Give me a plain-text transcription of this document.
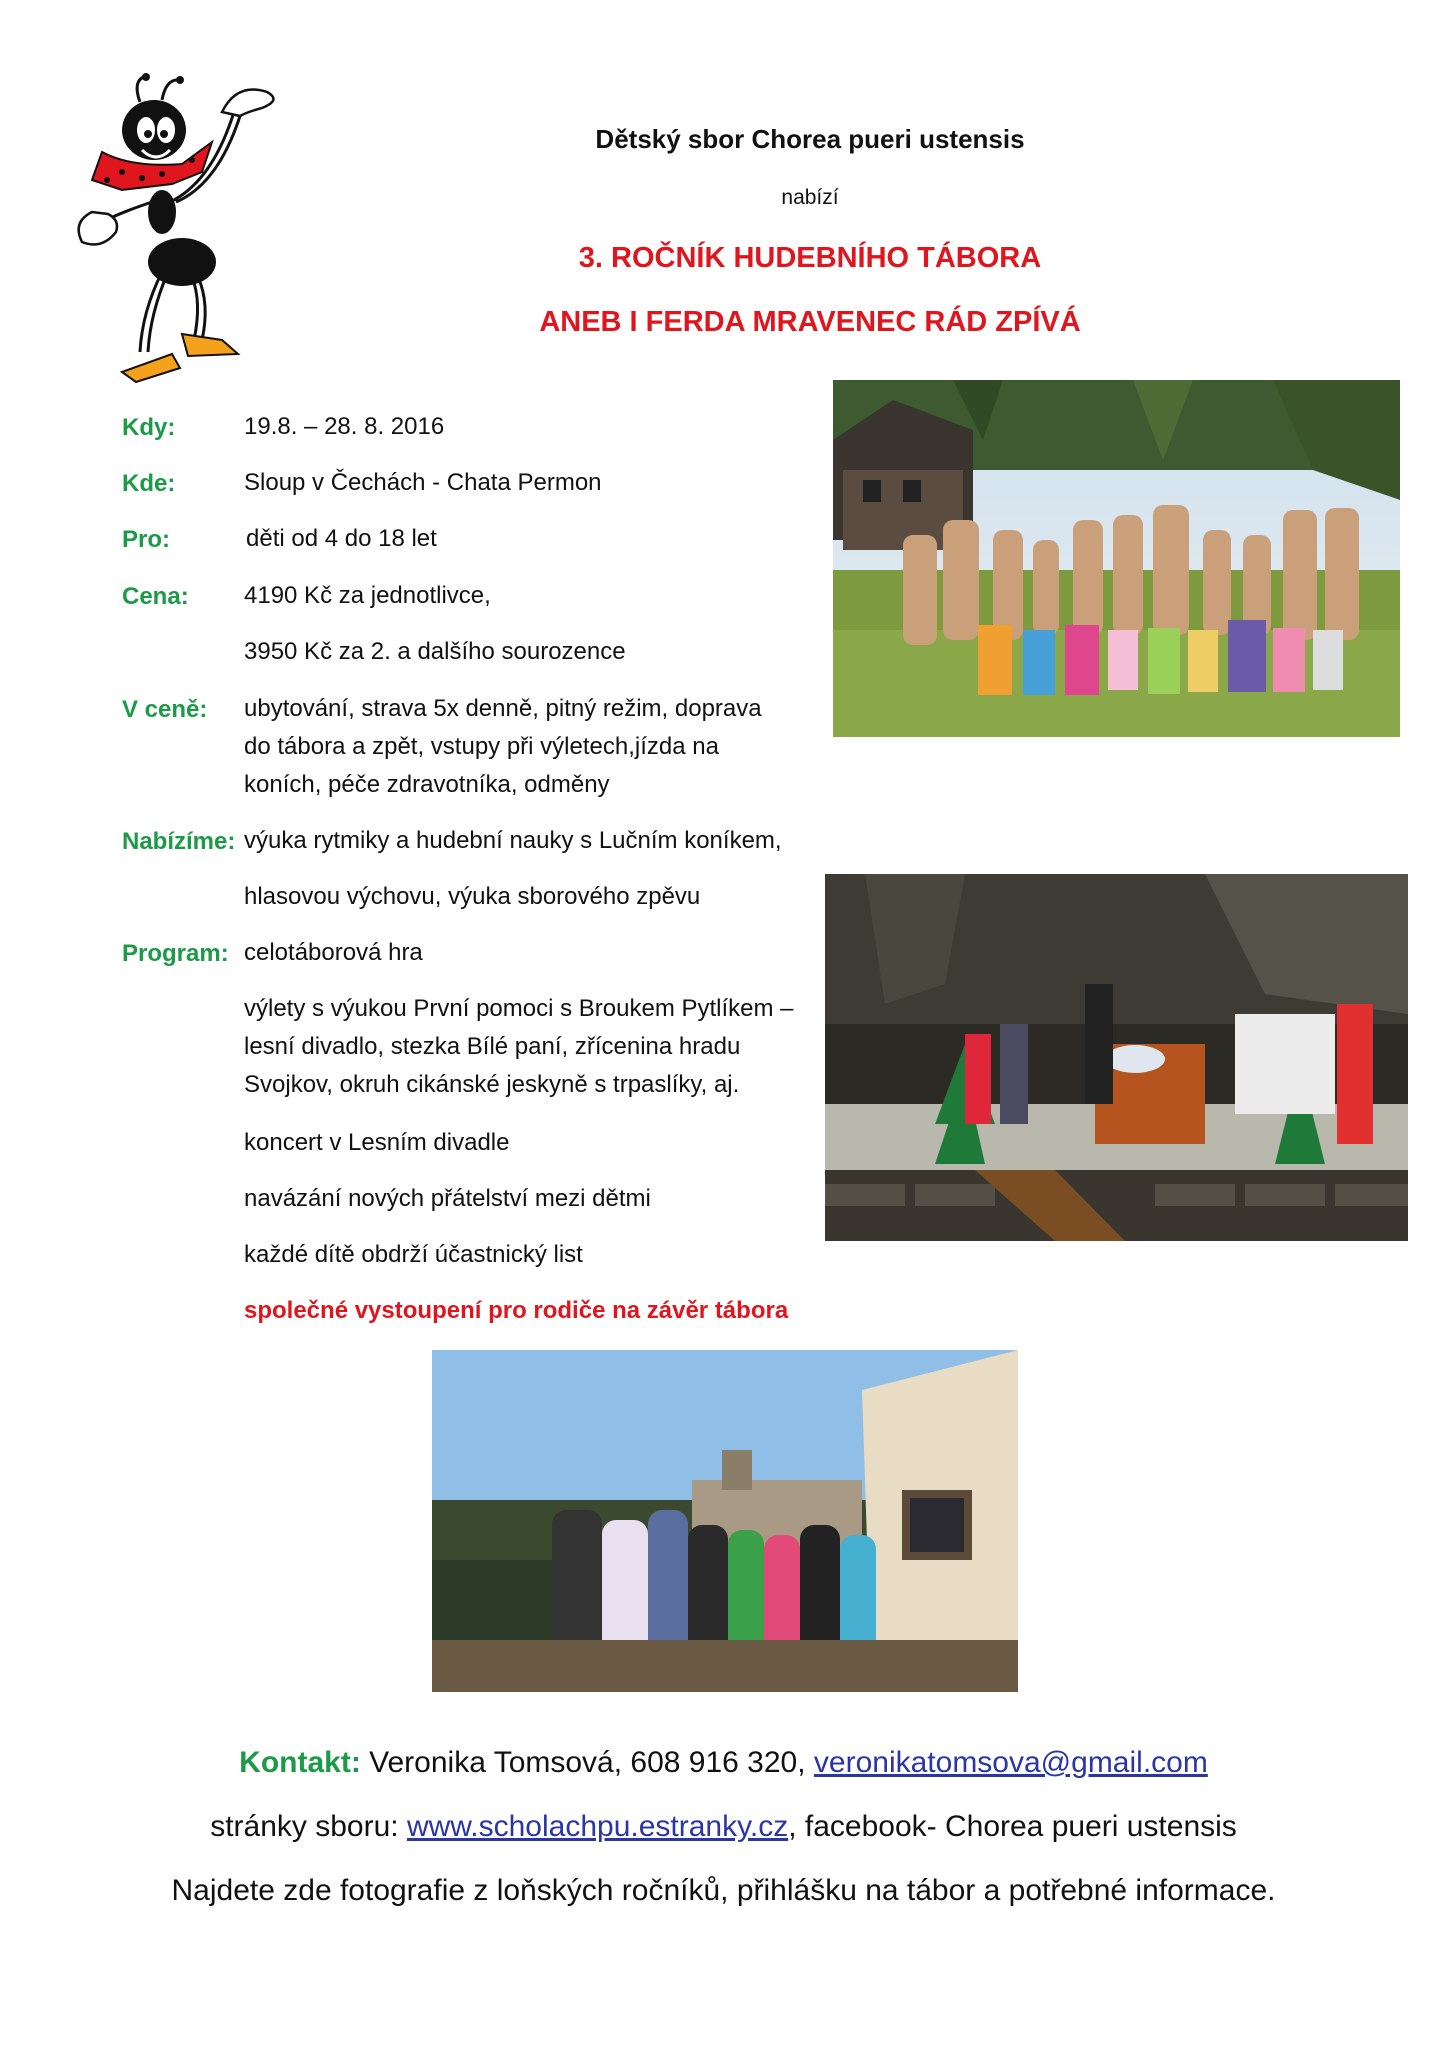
Dětský sbor Chorea pueri ustensis
nabízí
3. ROČNÍK HUDEBNÍHO TÁBORA
ANEB I FERDA MRAVENEC RÁD ZPÍVÁ
Kdy:	19.8. – 28. 8. 2016
Kde:	Sloup v Čechách - Chata Permon
Pro:	děti od 4 do 18 let
Cena: 4190 Kč za jednotlivce,
3950 Kč za 2. a dalšího sourozence
V ceně: ubytování, strava 5x denně, pitný režim, doprava
do tábora a zpět, vstupy při výletech,jízda na
koních, péče zdravotníka, odměny
Nabízíme: výuka rytmiky a hudební nauky s Lučním koníkem,
hlasovou výchovu, výuka sborového zpěvu
Program: celotáborová hra
výlety s výukou První pomoci s Broukem Pytlíkem –
lesní divadlo, stezka Bílé paní, zřícenina hradu
Svojkov, okruh cikánské jeskyně s trpaslíky, aj.
koncert v Lesním divadle
navázání nových přátelství mezi dětmi
každé dítě obdrží účastnický list
společné vystoupení pro rodiče na závěr tábora
Kontakt: Veronika Tomsová, 608 916 320, veronikatomsova@gmail.com
stránky sboru: www.scholachpu.estranky.cz, facebook- Chorea pueri ustensis
Najdete zde fotografie z loňských ročníků, přihlášku na tábor a potřebné informace.
